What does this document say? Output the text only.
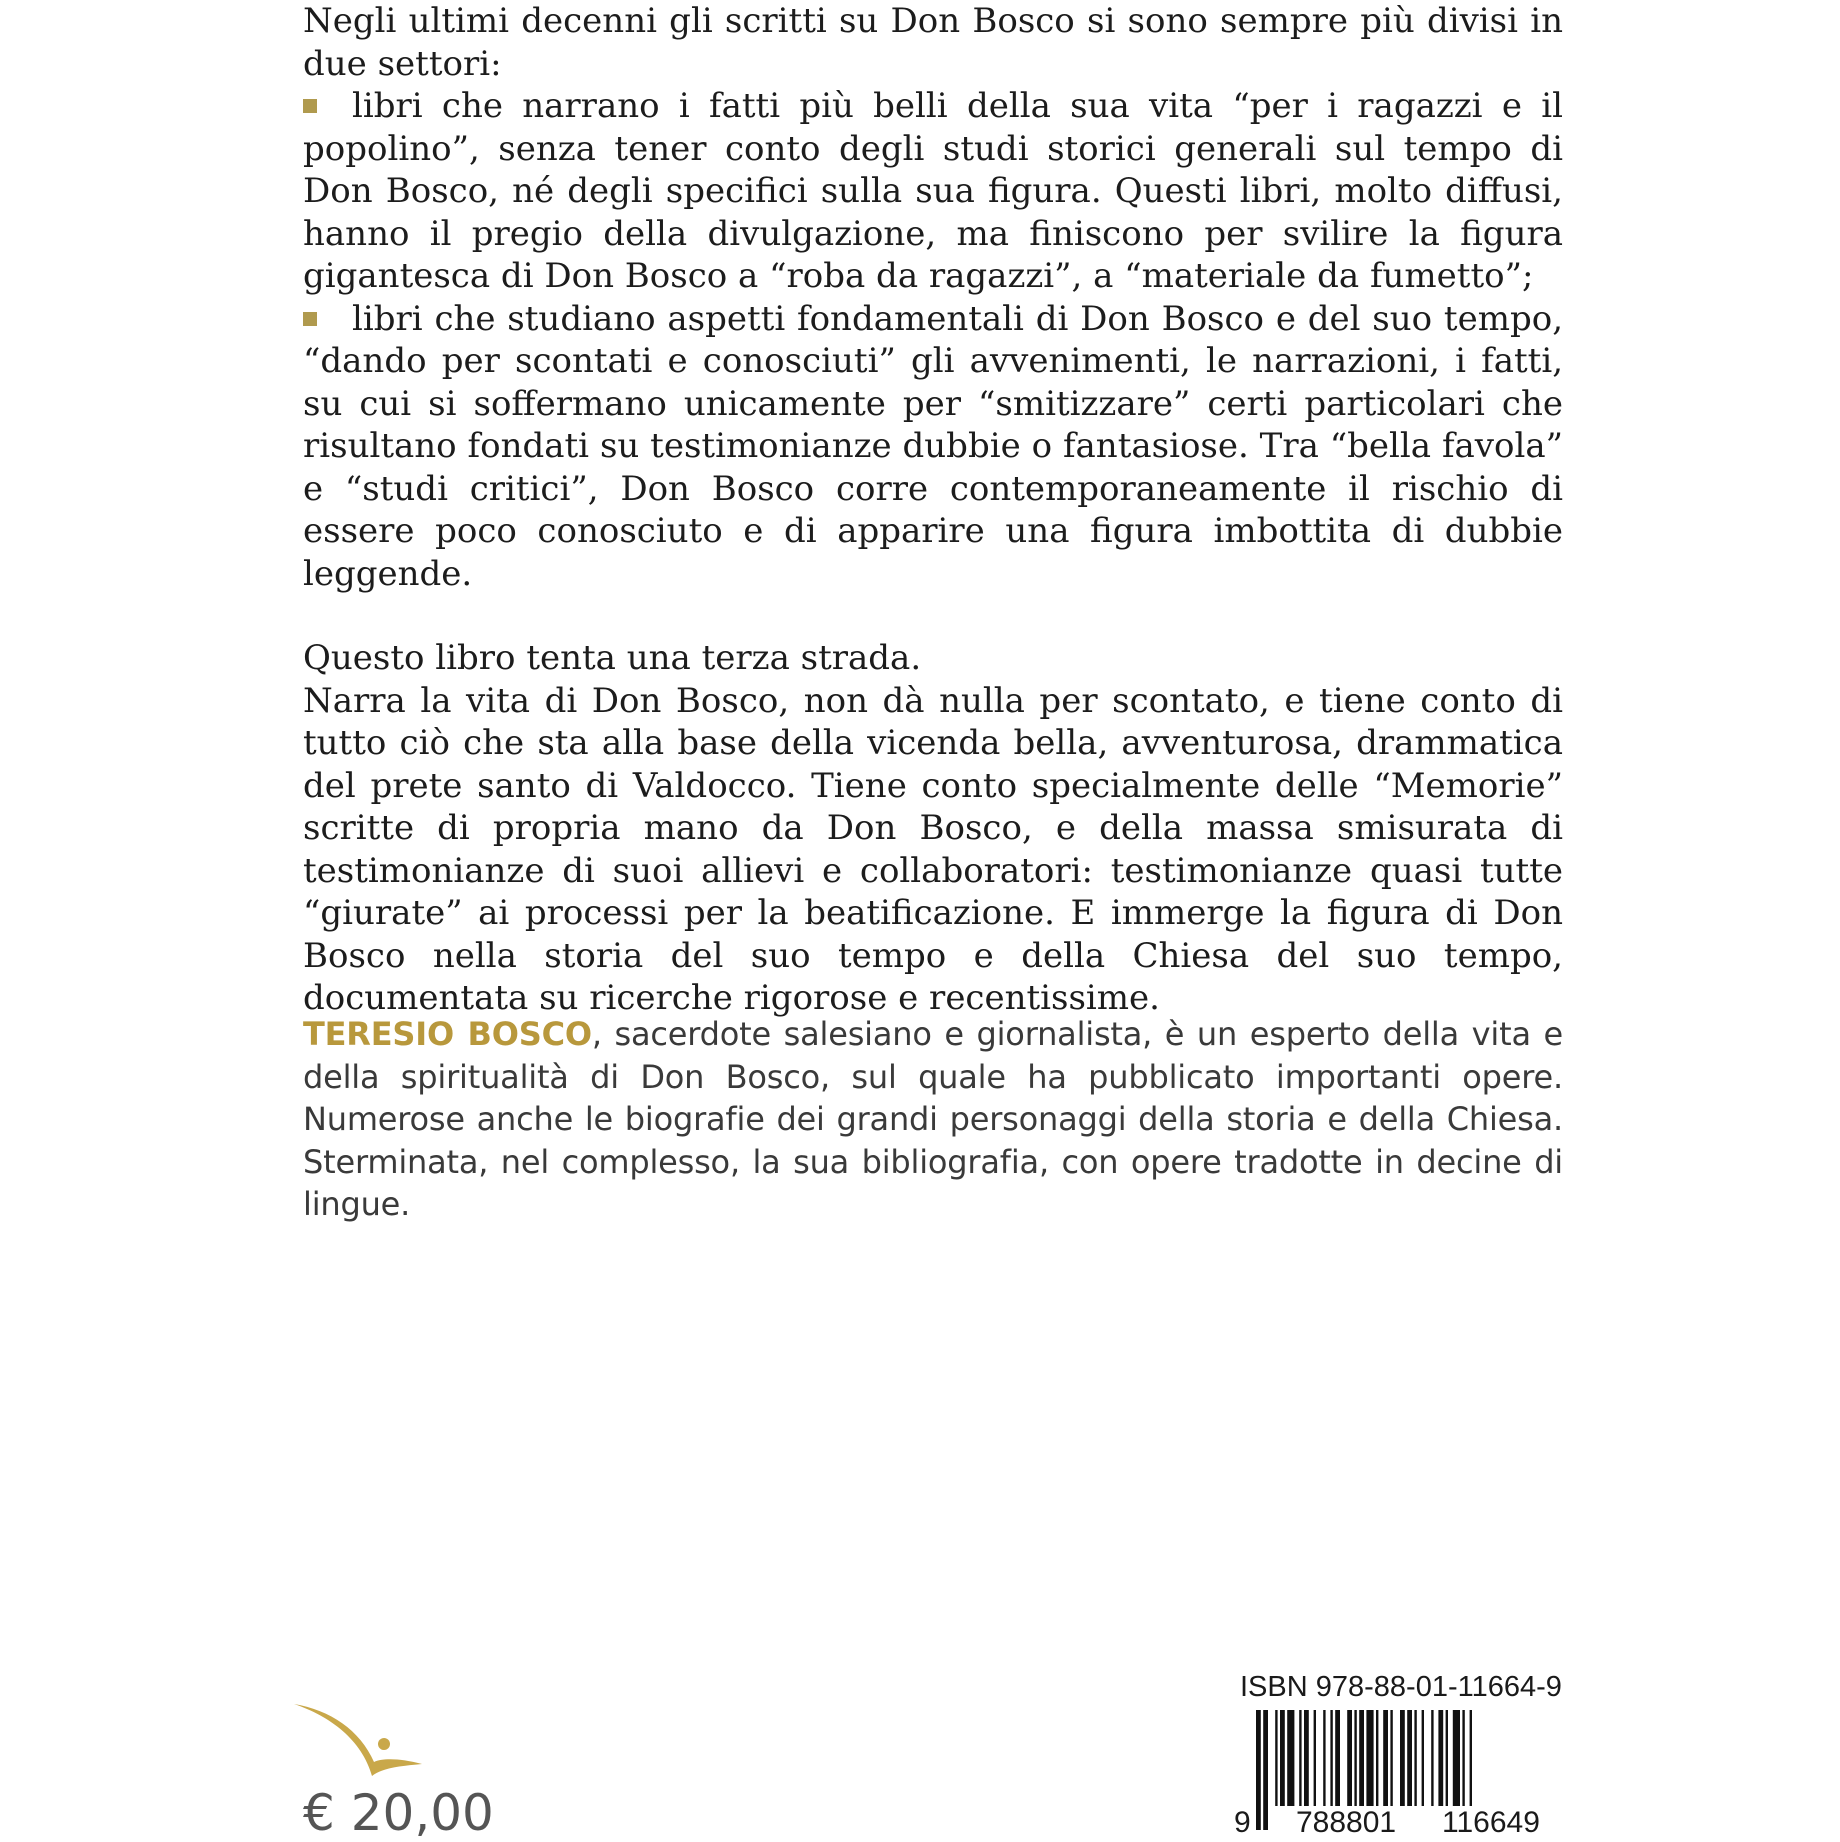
Negli ultimi decenni gli scritti su Don Bosco si sono sempre più divisi in due settori:

libri che narrano i fatti più belli della sua vita “per i ragazzi e il popolino”, senza tener conto degli studi storici generali sul tempo di Don Bosco, né degli specifici sulla sua figura. Questi libri, molto diffusi, hanno il pregio della divulgazione, ma finiscono per svilire la figura gigantesca di Don Bosco a “roba da ragazzi”, a “materiale da fumetto”;

libri che studiano aspetti fondamentali di Don Bosco e del suo tempo, “dando per scontati e conosciuti” gli avvenimenti, le narrazioni, i fatti, su cui si soffermano unicamente per “smitizzare” certi particolari che risultano fondati su testimonianze dubbie o fantasiose. Tra “bella favola” e “studi critici”, Don Bosco corre contemporaneamente il rischio di essere poco conosciuto e di apparire una figura imbottita di dubbie leggende.

Questo libro tenta una terza strada.

Narra la vita di Don Bosco, non dà nulla per scontato, e tiene conto di tutto ciò che sta alla base della vicenda bella, avventurosa, drammatica del prete santo di Valdocco. Tiene conto specialmente delle “Memorie” scritte di propria mano da Don Bosco, e della massa smisurata di testimonianze di suoi allievi e collaboratori: testimonianze quasi tutte “giurate” ai processi per la beatificazione. E immerge la figura di Don Bosco nella storia del suo tempo e della Chiesa del suo tempo, documentata su ricerche rigorose e recentissime.

TERESIO BOSCO, sacerdote salesiano e giornalista, è un esperto della vita e della spiritualità di Don Bosco, sul quale ha pubblicato importanti opere. Numerose anche le biografie dei grandi personaggi della storia e della Chiesa. Sterminata, nel complesso, la sua bibliografia, con opere tradotte in decine di lingue.
€ 20,00
ISBN 978-88-01-11664-9
9 788801 116649
